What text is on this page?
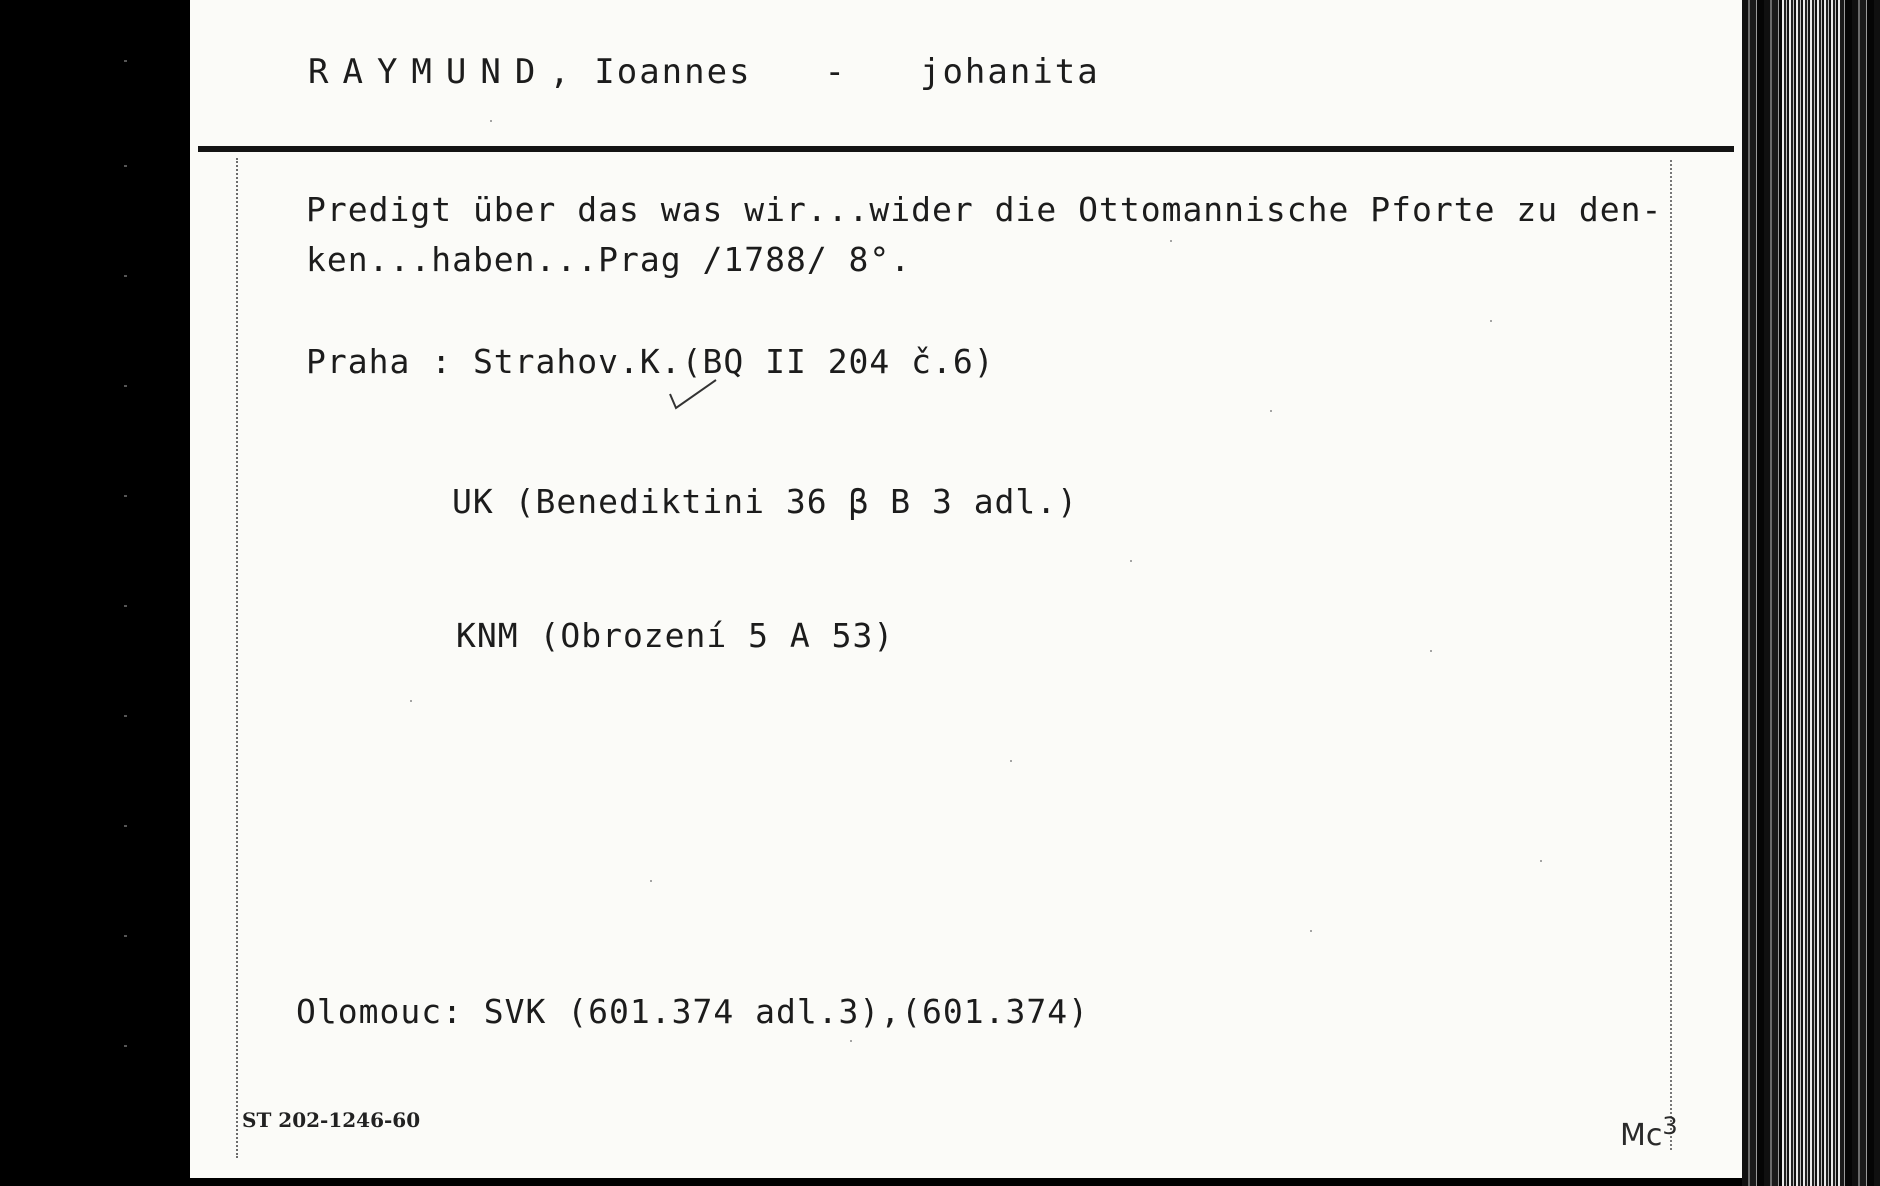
RAYMUND, Ioannes - johanita
Predigt über das was wir...wider die Ottomannische Pforte zu den-
ken...haben...Prag /1788/ 8°.
Praha : Strahov.K.(BQ II 204 č.6)
UK (Benediktini 36 β B 3 adl.)
KNM (Obrození 5 A 53)
Olomouc: SVK (601.374 adl.3),(601.374)
ST 202-1246-60	Mc$^3$
